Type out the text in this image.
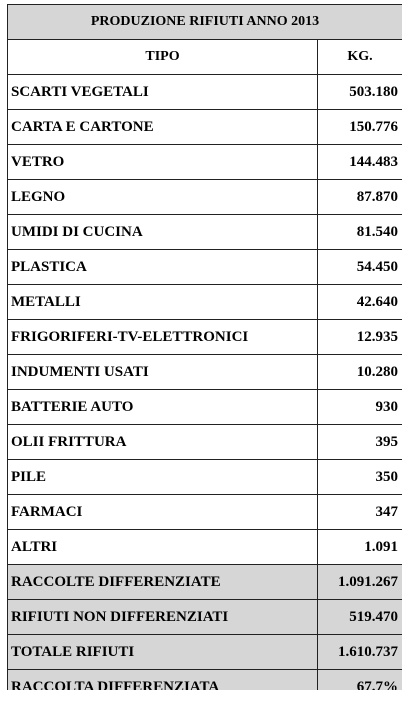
PRODUZIONE RIFIUTI ANNO 2013	
TIPO	KG.
SCARTI VEGETALI	503.180
CARTA E CARTONE	150.776
VETRO	144.483
LEGNO	87.870
UMIDI DI CUCINA	81.540
PLASTICA	54.450
METALLI	42.640
FRIGORIFERI-TV-ELETTRONICI	12.935
INDUMENTI USATI	10.280
BATTERIE AUTO	930
OLII FRITTURA	395
PILE	350
FARMACI	347
ALTRI	1.091
RACCOLTE DIFFERENZIATE	1.091.267
RIFIUTI NON DIFFERENZIATI	519.470
TOTALE RIFIUTI	1.610.737
RACCOLTA DIFFERENZIATA	67.7%
